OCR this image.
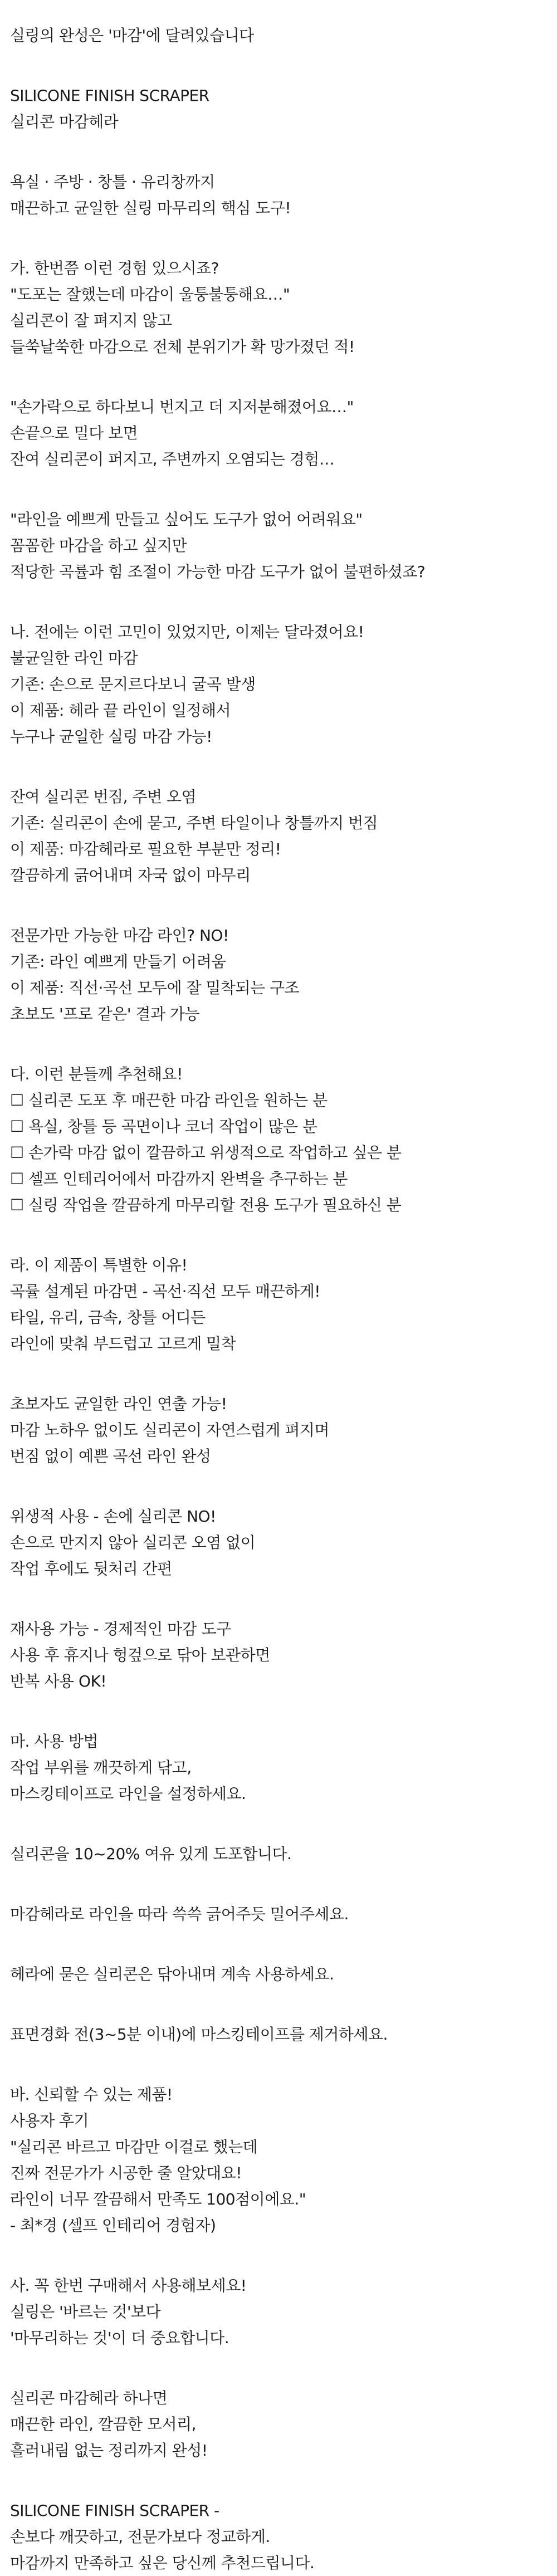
실링의 완성은 '마감'에 달려있습니다
SILICONE FINISH SCRAPER
실리콘 마감헤라
욕실 · 주방 · 창틀 · 유리창까지
매끈하고 균일한 실링 마무리의 핵심 도구!
가. 한번쯤 이런 경험 있으시죠?
"도포는 잘했는데 마감이 울퉁불퉁해요…"
실리콘이 잘 펴지지 않고
들쑥날쑥한 마감으로 전체 분위기가 확 망가졌던 적!
"손가락으로 하다보니 번지고 더 지저분해졌어요…"
손끝으로 밀다 보면
잔여 실리콘이 퍼지고, 주변까지 오염되는 경험…
"라인을 예쁘게 만들고 싶어도 도구가 없어 어려워요"
꼼꼼한 마감을 하고 싶지만
적당한 곡률과 힘 조절이 가능한 마감 도구가 없어 불편하셨죠?
나. 전에는 이런 고민이 있었지만, 이제는 달라졌어요!
불균일한 라인 마감
기존: 손으로 문지르다보니 굴곡 발생
이 제품: 헤라 끝 라인이 일정해서
누구나 균일한 실링 마감 가능!
잔여 실리콘 번짐, 주변 오염
기존: 실리콘이 손에 묻고, 주변 타일이나 창틀까지 번짐
이 제품: 마감헤라로 필요한 부분만 정리!
깔끔하게 긁어내며 자국 없이 마무리
전문가만 가능한 마감 라인? NO!
기존: 라인 예쁘게 만들기 어려움
이 제품: 직선·곡선 모두에 잘 밀착되는 구조
초보도 '프로 같은' 결과 가능
다. 이런 분들께 추천해요!
☐ 실리콘 도포 후 매끈한 마감 라인을 원하는 분
☐ 욕실, 창틀 등 곡면이나 코너 작업이 많은 분
☐ 손가락 마감 없이 깔끔하고 위생적으로 작업하고 싶은 분
☐ 셀프 인테리어에서 마감까지 완벽을 추구하는 분
☐ 실링 작업을 깔끔하게 마무리할 전용 도구가 필요하신 분
라. 이 제품이 특별한 이유!
곡률 설계된 마감면 - 곡선·직선 모두 매끈하게!
타일, 유리, 금속, 창틀 어디든
라인에 맞춰 부드럽고 고르게 밀착
초보자도 균일한 라인 연출 가능!
마감 노하우 없이도 실리콘이 자연스럽게 펴지며
번짐 없이 예쁜 곡선 라인 완성
위생적 사용 - 손에 실리콘 NO!
손으로 만지지 않아 실리콘 오염 없이
작업 후에도 뒷처리 간편
재사용 가능 - 경제적인 마감 도구
사용 후 휴지나 헝겊으로 닦아 보관하면
반복 사용 OK!
마. 사용 방법
작업 부위를 깨끗하게 닦고,
마스킹테이프로 라인을 설정하세요.
실리콘을 10~20% 여유 있게 도포합니다.
마감헤라로 라인을 따라 쓱쓱 긁어주듯 밀어주세요.
헤라에 묻은 실리콘은 닦아내며 계속 사용하세요.
표면경화 전(3~5분 이내)에 마스킹테이프를 제거하세요.
바. 신뢰할 수 있는 제품!
사용자 후기
"실리콘 바르고 마감만 이걸로 했는데
진짜 전문가가 시공한 줄 알았대요!
라인이 너무 깔끔해서 만족도 100점이에요."
- 최*경 (셀프 인테리어 경험자)
사. 꼭 한번 구매해서 사용해보세요!
실링은 '바르는 것'보다
'마무리하는 것'이 더 중요합니다.
실리콘 마감헤라 하나면
매끈한 라인, 깔끔한 모서리,
흘러내림 없는 정리까지 완성!
SILICONE FINISH SCRAPER -
손보다 깨끗하고, 전문가보다 정교하게.
마감까지 만족하고 싶은 당신께 추천드립니다.
